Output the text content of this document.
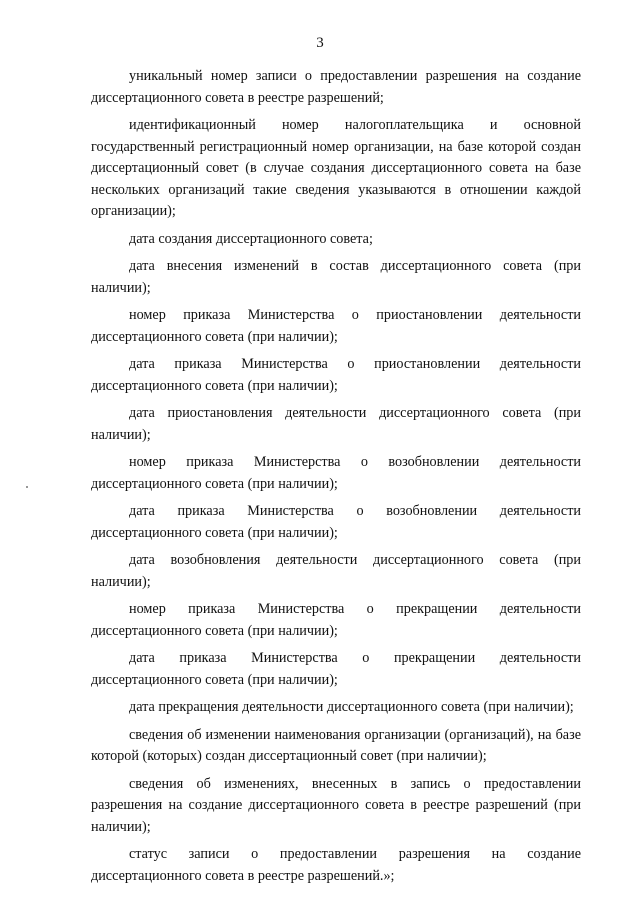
3

уникальный номер записи о предоставлении разрешения на создание диссертационного совета в реестре разрешений;

идентификационный номер налогоплательщика и основной государственный регистрационный номер организации, на базе которой создан диссертационный совет (в случае создания диссертационного совета на базе нескольких организаций такие сведения указываются в отношении каждой организации);

дата создания диссертационного совета;

дата внесения изменений в состав диссертационного совета (при наличии);

номер приказа Министерства о приостановлении деятельности диссертационного совета (при наличии);

дата приказа Министерства о приостановлении деятельности диссертационного совета (при наличии);

дата приостановления деятельности диссертационного совета (при наличии);

номер приказа Министерства о возобновлении деятельности диссертационного совета (при наличии);

дата приказа Министерства о возобновлении деятельности диссертационного совета (при наличии);

дата возобновления деятельности диссертационного совета (при наличии);

номер приказа Министерства о прекращении деятельности диссертационного совета (при наличии);

дата приказа Министерства о прекращении деятельности диссертационного совета (при наличии);

дата прекращения деятельности диссертационного совета (при наличии);

сведения об изменении наименования организации (организаций), на базе которой (которых) создан диссертационный совет (при наличии);

сведения об изменениях, внесенных в запись о предоставлении разрешения на создание диссертационного совета в реестре разрешений (при наличии);

статус записи о предоставлении разрешения на создание диссертационного совета в реестре разрешений.»;
